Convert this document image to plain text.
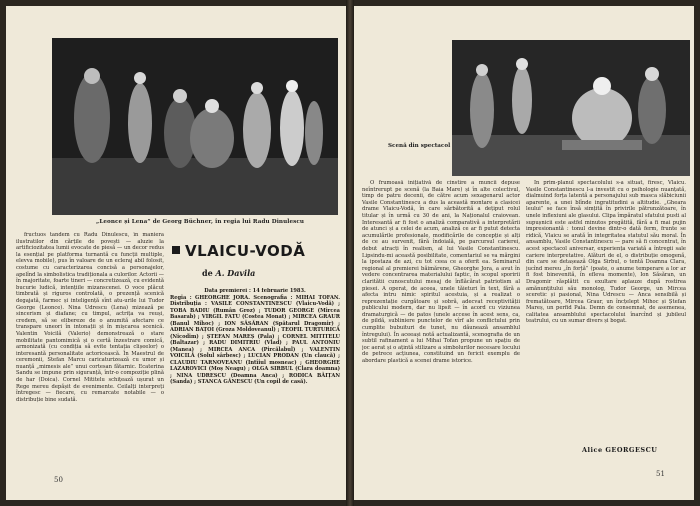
„Leonce și Lena” de Georg Büchner, în regia lui Radu Dinulescu

fructuos tandem cu Radu Dinulescu, în maniera ilustratilor din cărțile de povești — aluzie la artificiozitatea lumii evocate de piesă — un decor redus la esențial pe platforma turnantă cu funcții multiple, elevva mobile), pus în valoare de un ecleraj abil folosit, costume cu caracterizarea concisă a personajelor, apelînd la simbolistica tradiționala a culorilor. Actorii — în majoritate, foarte tineri — concretizează, cu evidentă bucurie ludică, intențiile mizanscenei. O voce plăcut timbrată și riguros controlată, o prezență scenică degajată, farmec și inteligență sînt atu-urile lui Tudor George (Leonce). Nina Udrescu (Lena) mizează pe sincerism și diafane; cu timpul, actrița va reuși, credem, să se elibereze de o anumită afectare ce transpare uneori în intonații și în mișcarea scenică. Valentin Voicilă (Valerio) demonstrează o stare mobilitate pantomimică și o certă înzestrare comică, armonizată (cu condiția să evite tentația clișeelor) o interesantă personalitate actoricească. În Maestrul de ceremonii, Stefan Marcu caricaturizează cu umor și nuanță „mimesis ale” unui cortesan fătarnic. Ecaterina Sandu se impune prin siguranță, într-o compoziție plină de har (Doica). Cornel Mititelu schițează ușurat un Rege mereu depășit de evenimente. Ceilalți interpreți întregesc — fiecare, cu remarcate notabile — o distribuție bine sudată.

VLAICU-VODĂ
de A. Davila
Data premierei : 14 februarie 1983.
Regia : GHEORGHE JORA. Scenografia : MIHAI TOFAN. Distribuția : VASILE CONSTANTINESCU (Vlaicu-Vodă) ; TOBA BADIU (Rumân Groz) ; TUDOR GEORGE (Mircea Basarab) ; VIRGIL FATU (Costea Monat) ; MIRCEA GRAUR (Banul Mihoc) ; ION SĂSĂRAN (Spătarul Dragomir) ; ADRIAN BAȚOI (Groza Moldoveanul) ; TEOFIL TURTURICĂ (Nicodim) ; ȘTEFAN MAREȘ (Pala) ; CORNEL MITITELU (Baltazar) ; RADU DIMITRIU (Vlad) ; PAUL ANTONIU (Manea) ; MIRCEA ANCA (Pircălabul) ; VALENTIN VOICILĂ (Solul sârbesc) ; LUCIAN PRODAN (Un claucă) ; CLAUDIU TARNOVEANU (Intîiul mosneac) ; GHEORGHE LAZAROVICI (Moș Neagu) ; OLGA SIRBUL (Clara doamna) ; NINA UDRESCU (Doamna Anca) ; RODICA BĂIȚAN (Sanda) ; STANCA GĂNESCU (Un copil de casă).
50
Scenă din spectacol

O frumoasă inițiativă de cinstire a muncii depuse neîntrerupt pe scenă (la Baia Mare) și în alte colectivul, timp de patru decenii, de către acum sexagenarul actor Vasile Constantinescu a dus la această montare a clasicei drame Vlaicu-Vodă, în care sărbătorită a dețiput rolul titular și în urmă cu 30 de ani, la Naționalul craiovean. Interesantă ar fi fost o analiză comparativă a interpretării de atunci și a celei de acum, analiză ce ar fi putut detecta acumulările profesionale, modificările de concepție și alți de ce au survenit, fără îndoială, pe parcursul carierei, debut atracți în realism, al lui Vasile Constantinescu. Lipsindu-mi această posibilitate, comentariul se va mărgini la ipostaza de azi, cu tot ceea ce a oferit ea. Seminarul regional al premierei băimărene, Gheorghe Jora, a avut în vedere concentrarea materialului faptic, în scopul sporirii claritătii cunoscutului mesaj de înflăcărat patriotism al piesei. A operat, de aceea, unele tăieturi în text, fără a afecta intru nimic spiritul acestuia, și a realizat o reprezentație curgătoare și sobră, adecvat receptivității publicului modern, dar nu lipsit — în acord cu viziunea dramaturgică — de patos (unele accese în acest sens, ca, de pildă, subliniere punctelor de vîrf ale conflictului prin cumplite bubuituri de tunet, nu dăunează ansamblul întregului). În aceeași notă actualizantă, scenografia de un subtil rafinament a lui Mihai Tofan propune un spațiu de joc aerat și o ațintă stilizare a simbolurilor necesare locului de petrece acțiunea, constituind un fericit exemplu de abordare plastică a scenei drame istorice.

În prim-planul spectacolului s-a situat, firesc, Vlaicu. Vasile Constantinescu l-a investit cu o psihologie nuanțată, dialmuind forța latentă a personajului sub masca slăbiciunii aparente, a unei blînde ingratitudini a altitudie. „Gheara leului” se face însă simțită în privirile pătrunzătoare, în unele inflexiuni ale glasului. Clipa împăratul sfatului pusti al supușnicii este astfel minutos pregătită, fără a fi mai pujin impresionantă : tonul devine dintr-o dată ferm, frunte se ridică, Vlaicu se arată în integritatea statutul său moral. În ansamblu, Vasile Constantinescu — pare să fi concentrat, în acest spectacol aniversar, experiența variată a întregii sale cariere interpretative. Alături de el, o distribuție omogenă, din care se detașează Olga Sirbul, o tentă Doamna Clara, jucînd mereu „în forță” (poate, o anume temperare a lor ar fi fost binevenită, în efleva momente), Ion Săsăran, un Dragomir răsplătit cu exultare aplauze după rostirea amănunțitului său monolog, Tudor George, un Mircea sceretic și pasional, Nina Udrescu — Anca sensibilă și frematătoare, Mircea Graur, un încțelept Mihoc și Ștefan Mareș, un perfid Pala. Demn de consemnat, de asemenea, calitatea ansamblului spectacolului înarcînd și jubileul teatrului, cu un sumar divers și bogat.

Alice GEORGESCU
51
